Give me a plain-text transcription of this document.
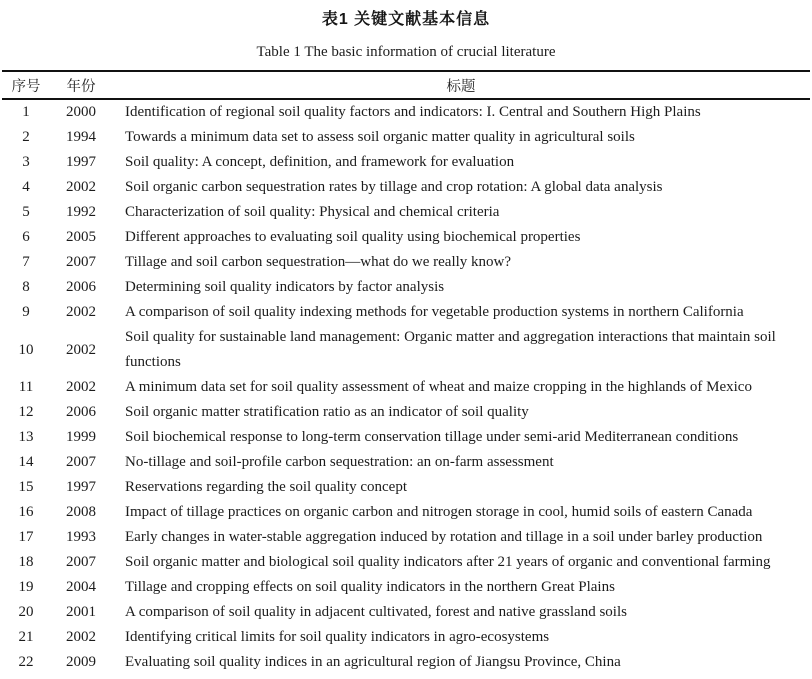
表1 关键文献基本信息
Table 1 The basic information of crucial literature
序号	年份	标题
1	2000	Identification of regional soil quality factors and indicators: I. Central and Southern High Plains
2	1994	Towards a minimum data set to assess soil organic matter quality in agricultural soils
3	1997	Soil quality: A concept, definition, and framework for evaluation
4	2002	Soil organic carbon sequestration rates by tillage and crop rotation: A global data analysis
5	1992	Characterization of soil quality: Physical and chemical criteria
6	2005	Different approaches to evaluating soil quality using biochemical properties
7	2007	Tillage and soil carbon sequestration—what do we really know?
8	2006	Determining soil quality indicators by factor analysis
9	2002	A comparison of soil quality indexing methods for vegetable production systems in northern California
10	2002	Soil quality for sustainable land management: Organic matter and aggregation interactions that maintain soil functions
11	2002	A minimum data set for soil quality assessment of wheat and maize cropping in the highlands of Mexico
12	2006	Soil organic matter stratification ratio as an indicator of soil quality
13	1999	Soil biochemical response to long-term conservation tillage under semi-arid Mediterranean conditions
14	2007	No-tillage and soil-profile carbon sequestration: an on-farm assessment
15	1997	Reservations regarding the soil quality concept
16	2008	Impact of tillage practices on organic carbon and nitrogen storage in cool, humid soils of eastern Canada
17	1993	Early changes in water-stable aggregation induced by rotation and tillage in a soil under barley production
18	2007	Soil organic matter and biological soil quality indicators after 21 years of organic and conventional farming
19	2004	Tillage and cropping effects on soil quality indicators in the northern Great Plains
20	2001	A comparison of soil quality in adjacent cultivated, forest and native grassland soils
21	2002	Identifying critical limits for soil quality indicators in agro-ecosystems
22	2009	Evaluating soil quality indices in an agricultural region of Jiangsu Province, China
